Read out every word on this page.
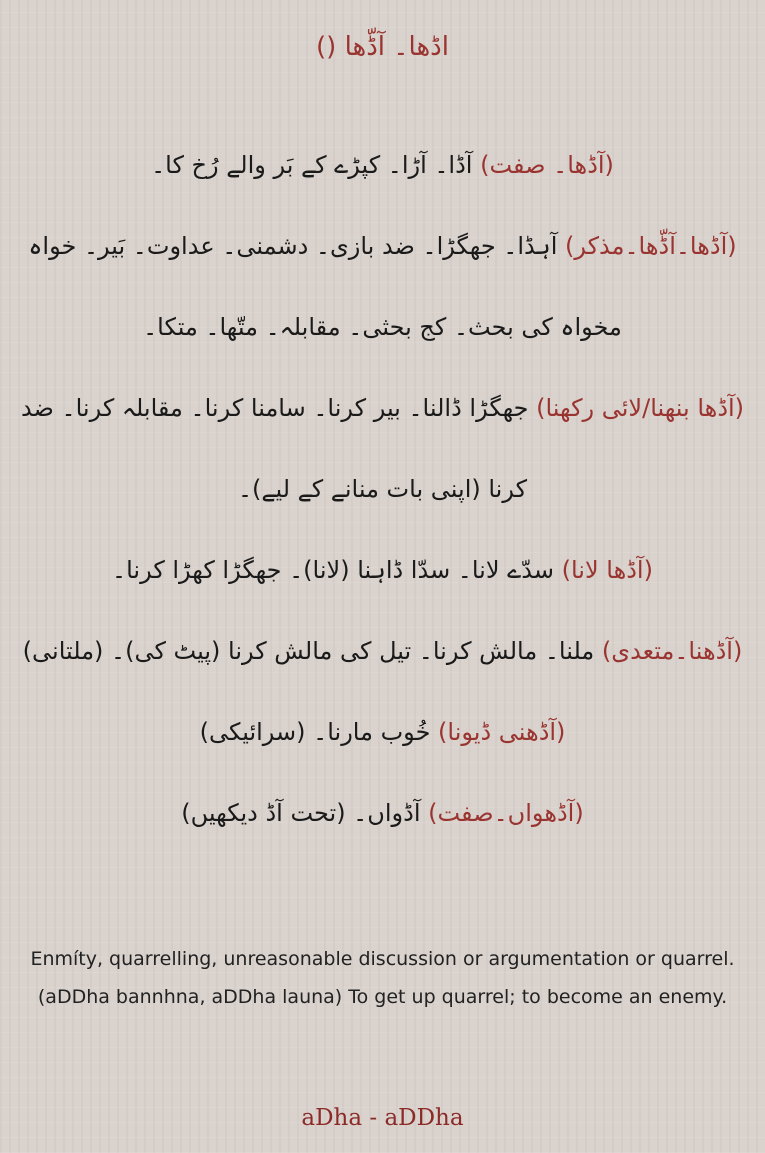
اڈھا۔ آڈّھا ()
(آڈھا۔ صفت) آڈا۔ آڑا۔ کپڑے کے بَر والے رُخ کا۔
(آڈھا۔آڈّھا۔مذکر) آہڈا۔ جھگڑا۔ ضد بازی۔ دشمنی۔ عداوت۔ بَیر۔ خواہ مخواہ کی بحث۔ کج بحثی۔ مقابلہ۔ متّھا۔ متکا۔
(آڈھا بنھنا/لائی رکھنا) جھگڑا ڈالنا۔ بیر کرنا۔ سامنا کرنا۔ مقابلہ کرنا۔ ضد کرنا (اپنی بات منانے کے لیے)۔
(آڈھا لانا) سدّے لانا۔ سدّا ڈاہنا (لانا)۔ جھگڑا کھڑا کرنا۔
(آڈھنا۔متعدی) ملنا۔ مالش کرنا۔ تیل کی مالش کرنا (پیٹ کی)۔ (ملتانی)
(آڈھنی ڈیونا) خُوب مارنا۔ (سرائیکی)
(آڈھواں۔صفت) آڈواں۔ (تحت آڈ دیکھیں)

Enmíty, quarrelling, unreasonable discussion or argumentation or quarrel.

(aDDha bannhna, aDDha launa) To get up quarrel; to become an enemy.

aDha - aDDha
